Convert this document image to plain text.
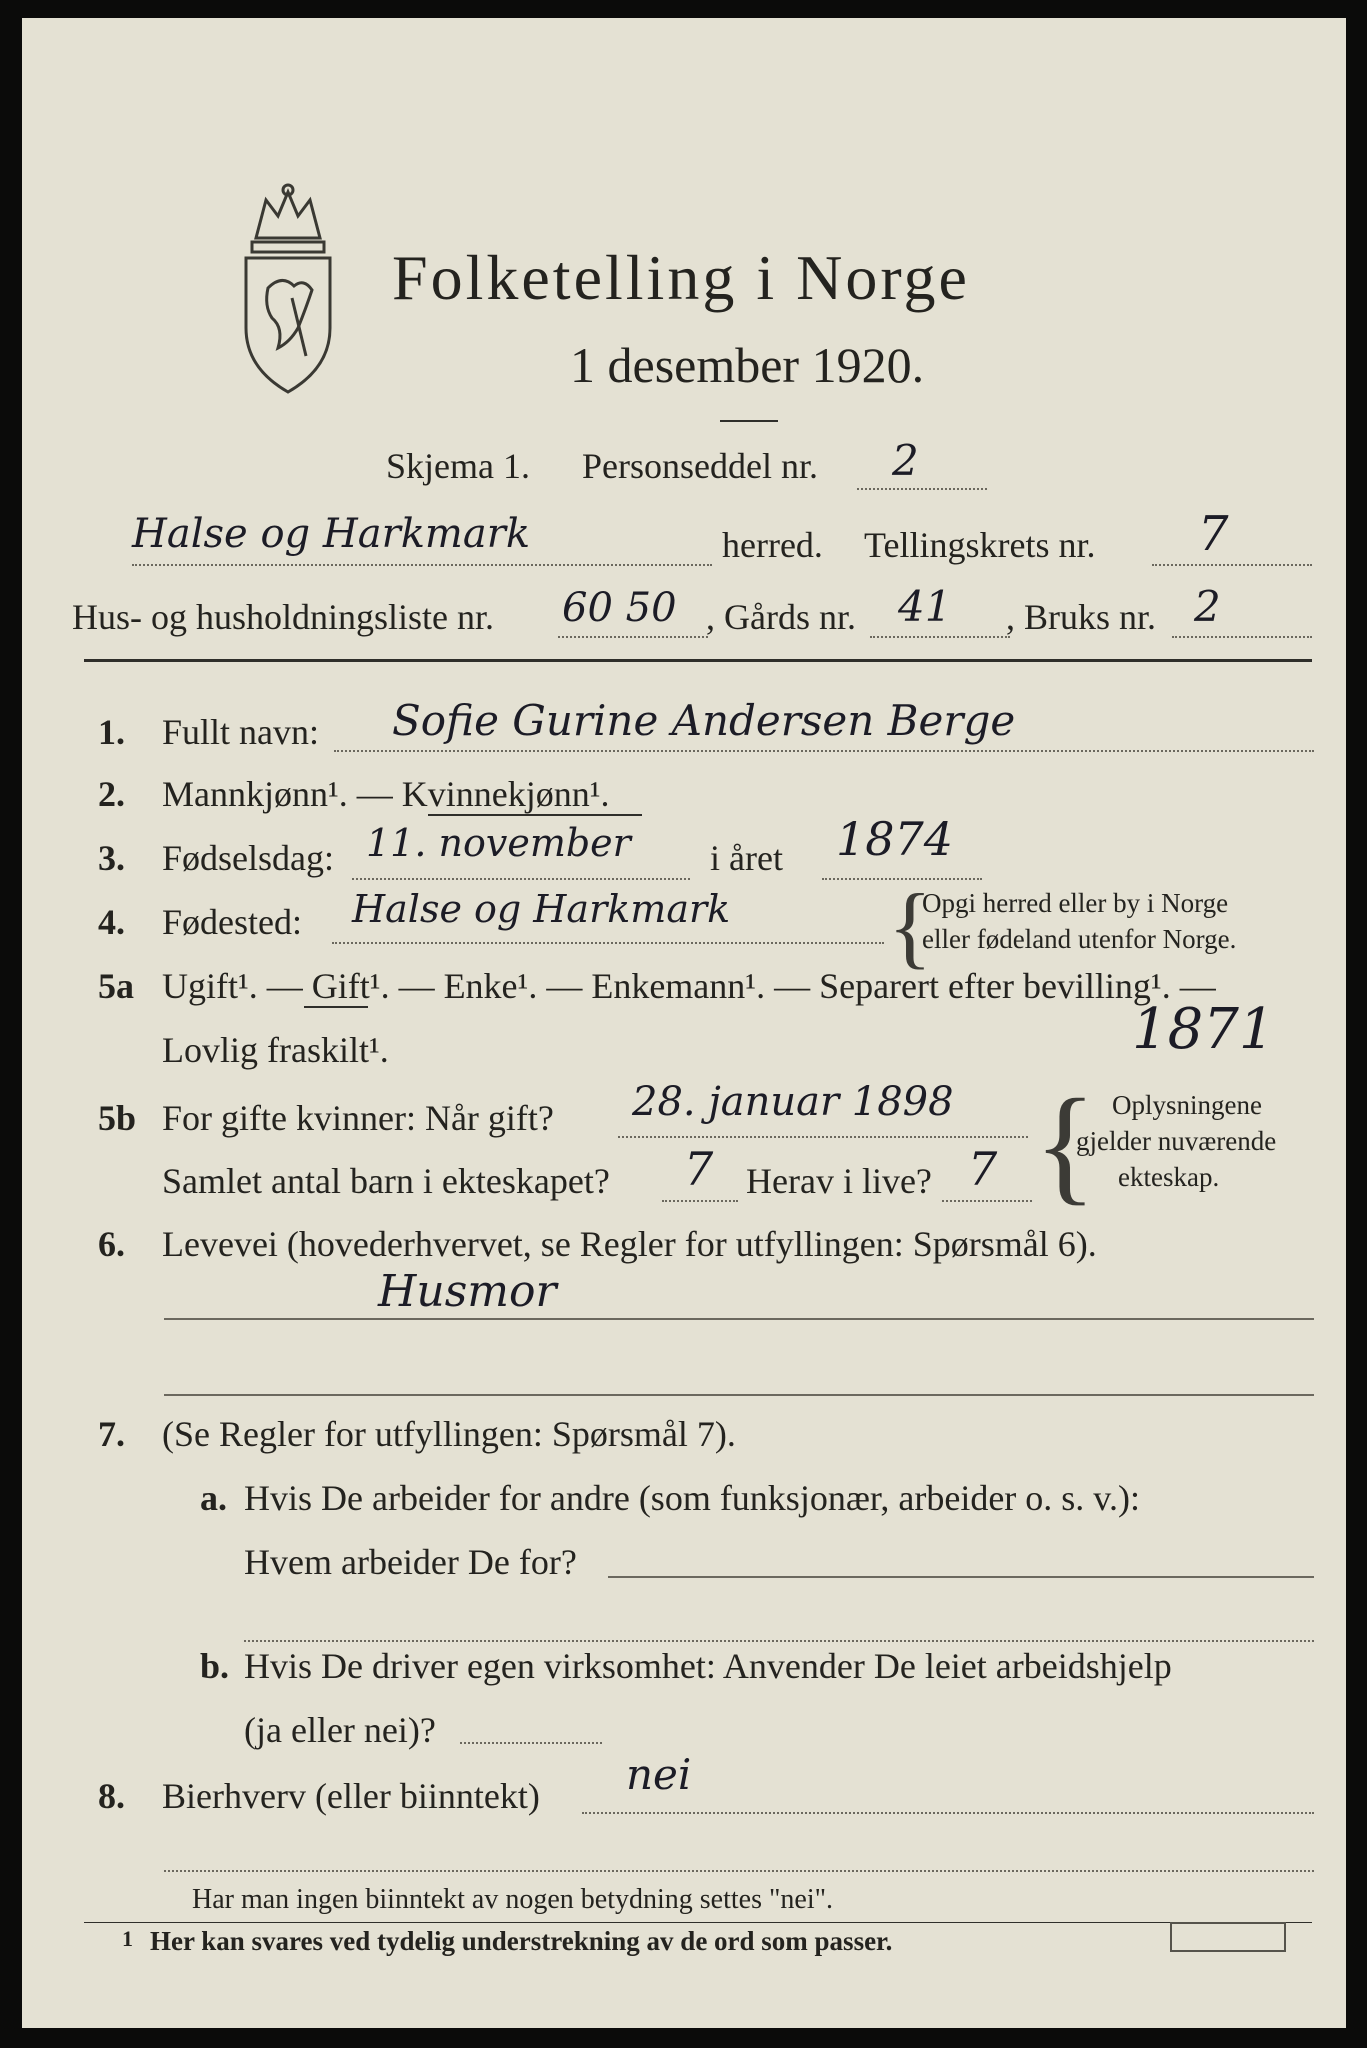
Folketelling i Norge
1 desember 1920.
Skjema 1. Personseddel nr. 2
Halse og Harkmark	herred. Tellingskrets nr. 7
Hus- og husholdningsliste nr. 60 50 , Gårds nr. 41 , Bruks nr. 2
1. Fullt navn: Sofie Gurine Andersen Berge
2. Mannkjønn¹. — Kvinnekjønn¹.
3. Fødselsdag: 11. november i året 1874
4. Fødested: Halse og Harkmark {
Opgi herred eller by i Norge
eller fødeland utenfor Norge.
5a Ugift¹. — Gift¹. — Enke¹. — Enkemann¹. — Separert efter bevilling¹. —
Lovlig fraskilt¹.	1871
5b For gifte kvinner: Når gift? 28. januar 1898
Samlet antal barn i ekteskapet? 7 Herav i live? 7 { Oplysningene
gjelder nuværende
ekteskap.
6. Levevei (hovederhvervet, se Regler for utfyllingen: Spørsmål 6).
Husmor
7. (Se Regler for utfyllingen: Spørsmål 7).
a. Hvis De arbeider for andre (som funksjonær, arbeider o. s. v.):
Hvem arbeider De for?
b. Hvis De driver egen virksomhet: Anvender De leiet arbeidshjelp
(ja eller nei)?
8. Bierhverv (eller biinntekt) nei
Har man ingen biinntekt av nogen betydning settes "nei".
1 Her kan svares ved tydelig understrekning av de ord som passer.
